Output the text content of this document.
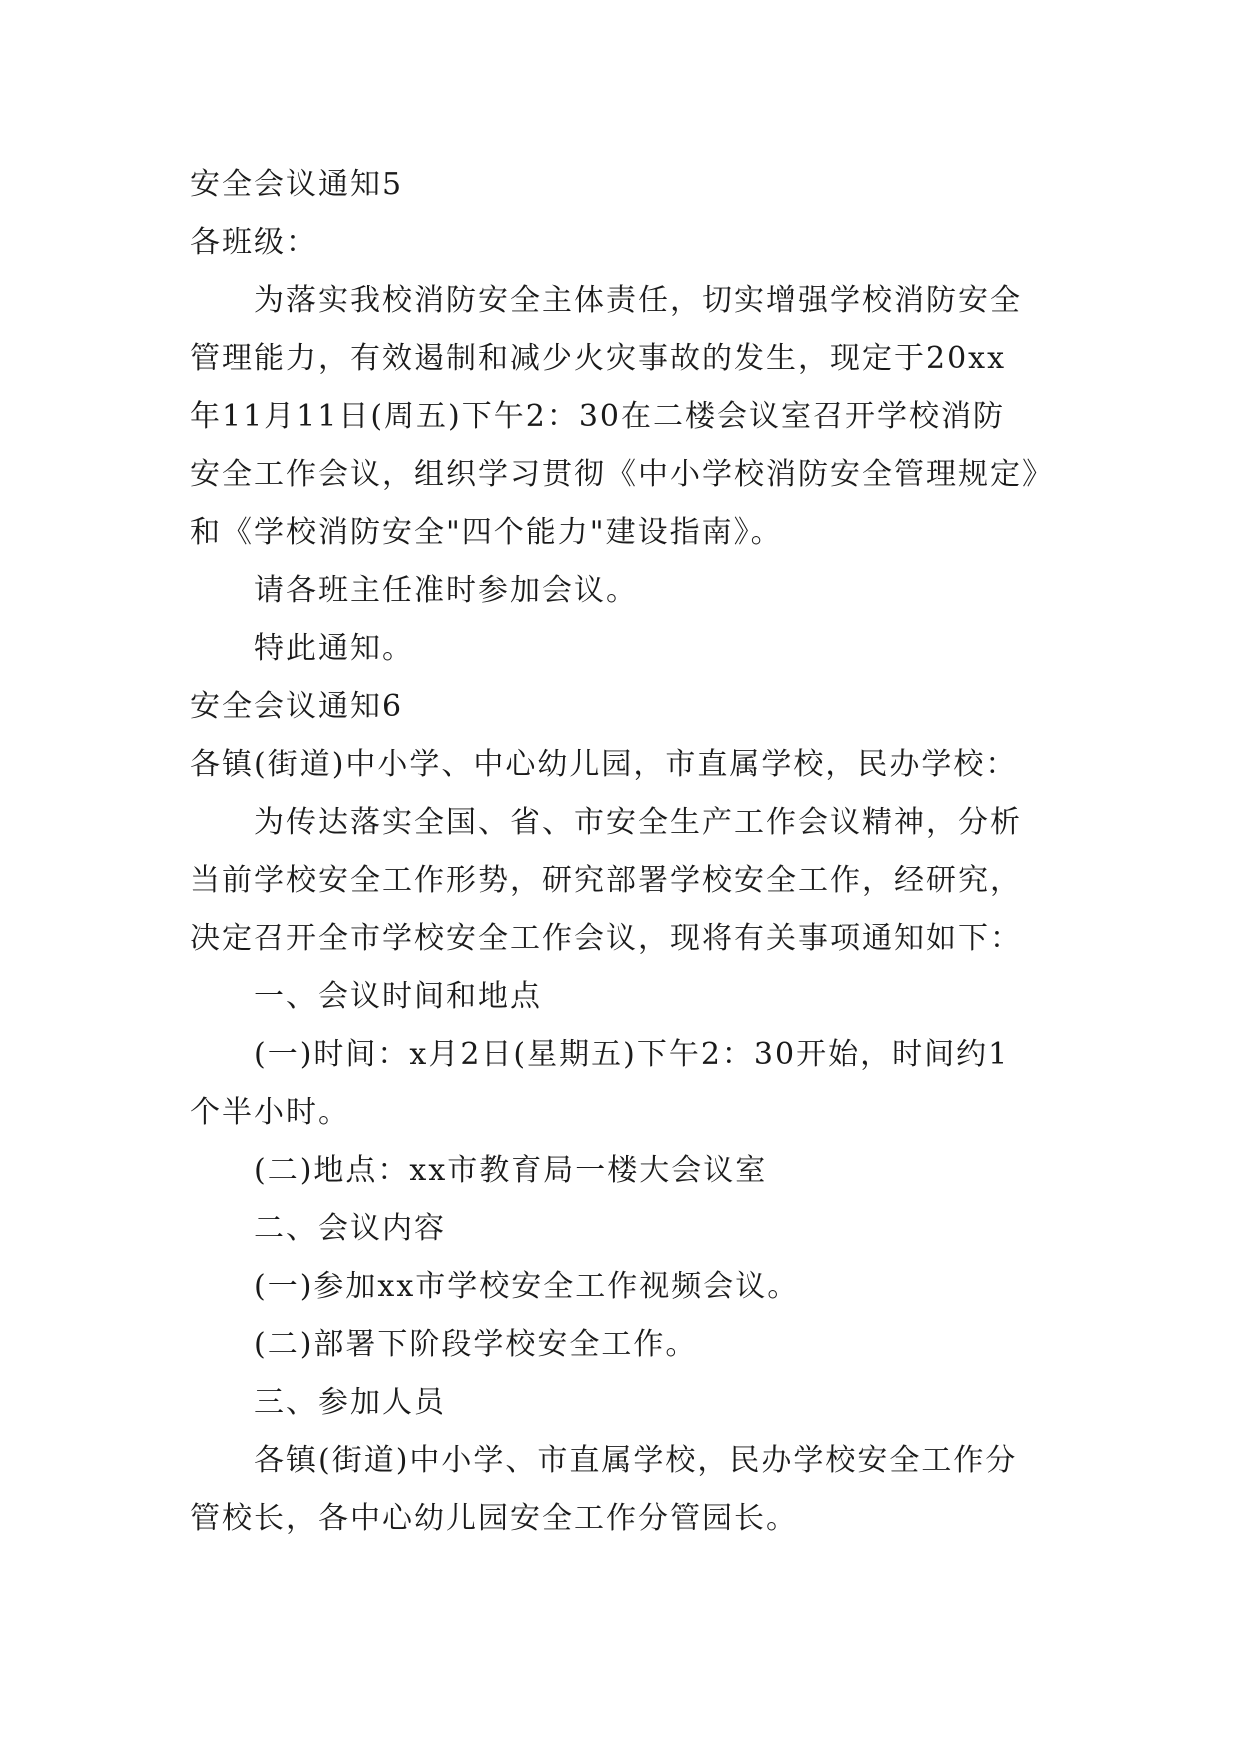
安全会议通知5
各班级：
为落实我校消防安全主体责任，切实增强学校消防安全
管理能力，有效遏制和减少火灾事故的发生，现定于20xx
年11月11日(周五)下午2：30在二楼会议室召开学校消防
安全工作会议，组织学习贯彻《中小学校消防安全管理规定》
和《学校消防安全"四个能力"建设指南》。
请各班主任准时参加会议。
特此通知。
安全会议通知6
各镇(街道)中小学、中心幼儿园，市直属学校，民办学校：
为传达落实全国、省、市安全生产工作会议精神，分析
当前学校安全工作形势，研究部署学校安全工作，经研究，
决定召开全市学校安全工作会议，现将有关事项通知如下：
一、会议时间和地点
(一)时间：x月2日(星期五)下午2：30开始，时间约1
个半小时。
(二)地点：xx市教育局一楼大会议室
二、会议内容
(一)参加xx市学校安全工作视频会议。
(二)部署下阶段学校安全工作。
三、参加人员
各镇(街道)中小学、市直属学校，民办学校安全工作分
管校长，各中心幼儿园安全工作分管园长。
